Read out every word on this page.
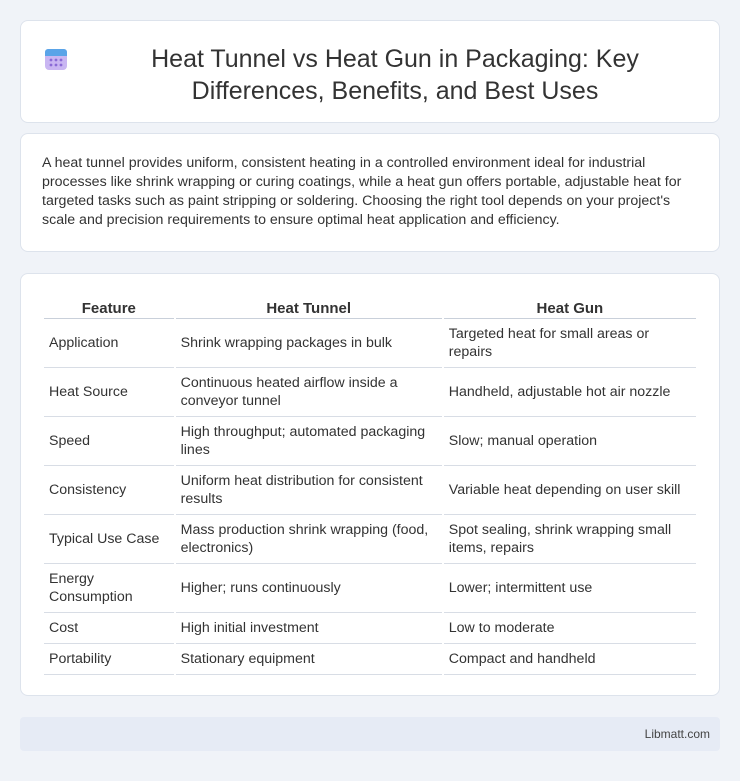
Heat Tunnel vs Heat Gun in Packaging: Key Differences, Benefits, and Best Uses

A heat tunnel provides uniform, consistent heating in a controlled environment ideal for industrial processes like shrink wrapping or curing coatings, while a heat gun offers portable, adjustable heat for targeted tasks such as paint stripping or soldering. Choosing the right tool depends on your project's scale and precision requirements to ensure optimal heat application and efficiency.

Feature	Heat Tunnel	Heat Gun
Application	Shrink wrapping packages in bulk	Targeted heat for small areas or repairs
Heat Source	Continuous heated airflow inside a conveyor tunnel	Handheld, adjustable hot air nozzle
Speed	High throughput; automated packaging lines	Slow; manual operation
Consistency	Uniform heat distribution for consistent results	Variable heat depending on user skill
Typical Use Case	Mass production shrink wrapping (food, electronics)	Spot sealing, shrink wrapping small items, repairs
Energy Consumption	Higher; runs continuously	Lower; intermittent use
Cost	High initial investment	Low to moderate
Portability	Stationary equipment	Compact and handheld
Libmatt.com
